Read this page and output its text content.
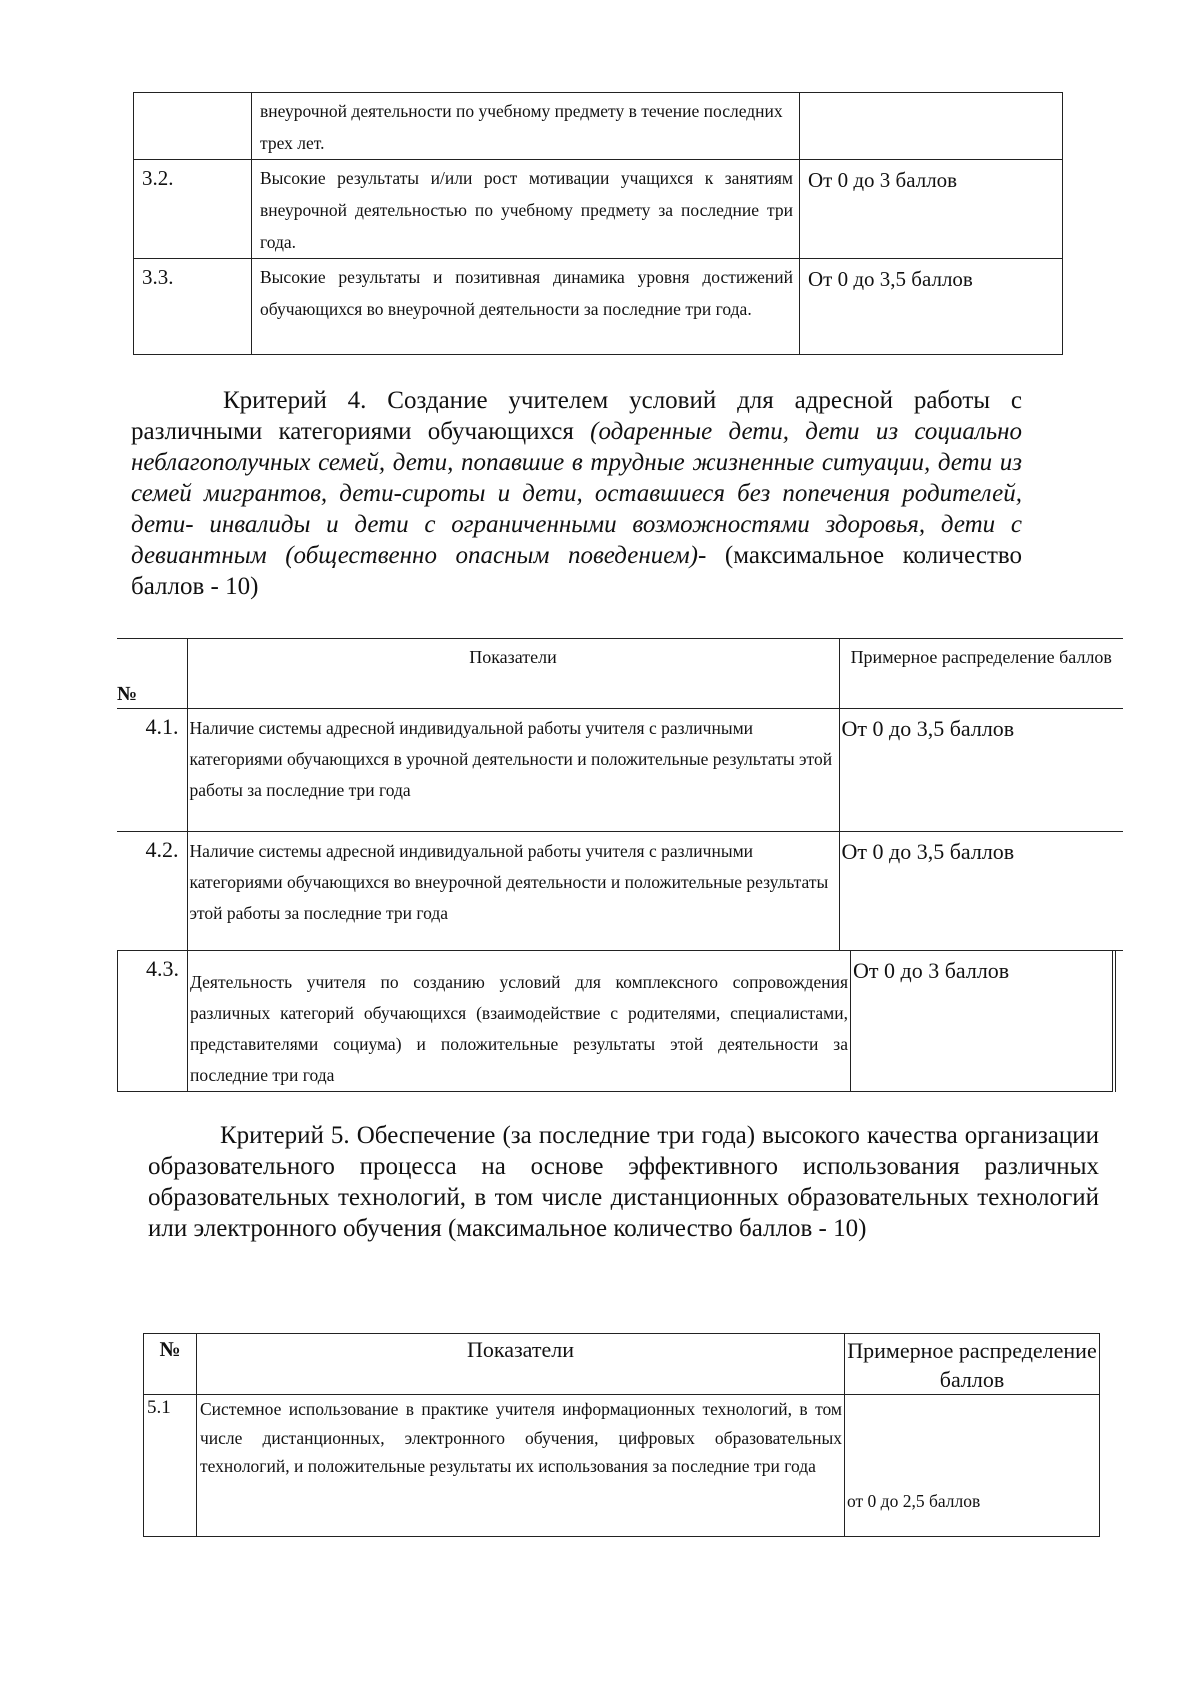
	внеурочной деятельности по учебному предмету в течение последних трех лет.	
3.2.	Высокие результаты и/или рост мотивации учащихся к занятиям внеурочной деятельностью по учебному предмету за последние три года.	От 0 до 3 баллов
3.3.	Высокие результаты и позитивная динамика уровня достижений обучающихся во внеурочной деятельности за последние три года.	От 0 до 3,5 баллов
Критерий 4. Создание учителем условий для адресной работы с различными категориями обучающихся (одаренные дети, дети из социально неблагополучных семей, дети, попавшие в трудные жизненные ситуации, дети из семей мигрантов, дети-сироты и дети, оставшиеся без попечения родителей, дети- инвалиды и дети с ограниченными возможностями здоровья, дети с девиантным (общественно опасным поведением)- (максимальное количество баллов - 10)
№	Показатели	Примерное распределение баллов
4.1.	Наличие системы адресной индивидуальной работы учителя с различными категориями обучающихся в урочной деятельности и положительные результаты этой работы за последние три года	От 0 до 3,5 баллов
4.2.	Наличие системы адресной индивидуальной работы учителя с различными категориями обучающихся во внеурочной деятельности и положительные результаты этой работы за последние три года	От 0 до 3,5 баллов
4.3.	Деятельность учителя по созданию условий для комплексного сопровождения различных категорий обучающихся (взаимодействие с родителями, специалистами, представителями социума) и положительные результаты этой деятельности за последние три года	От 0 до 3 баллов
Критерий 5. Обеспечение (за последние три года) высокого качества организации образовательного процесса на основе эффективного использования различных образовательных технологий, в том числе дистанционных образовательных технологий или электронного обучения (максимальное количество баллов - 10)
№	Показатели	Примерное распределение баллов
5.1	Системное использование в практике учителя информационных технологий, в том числе дистанционных, электронного обучения, цифровых образовательных технологий, и положительные результаты их использования за последние три года	от 0 до 2,5 баллов
